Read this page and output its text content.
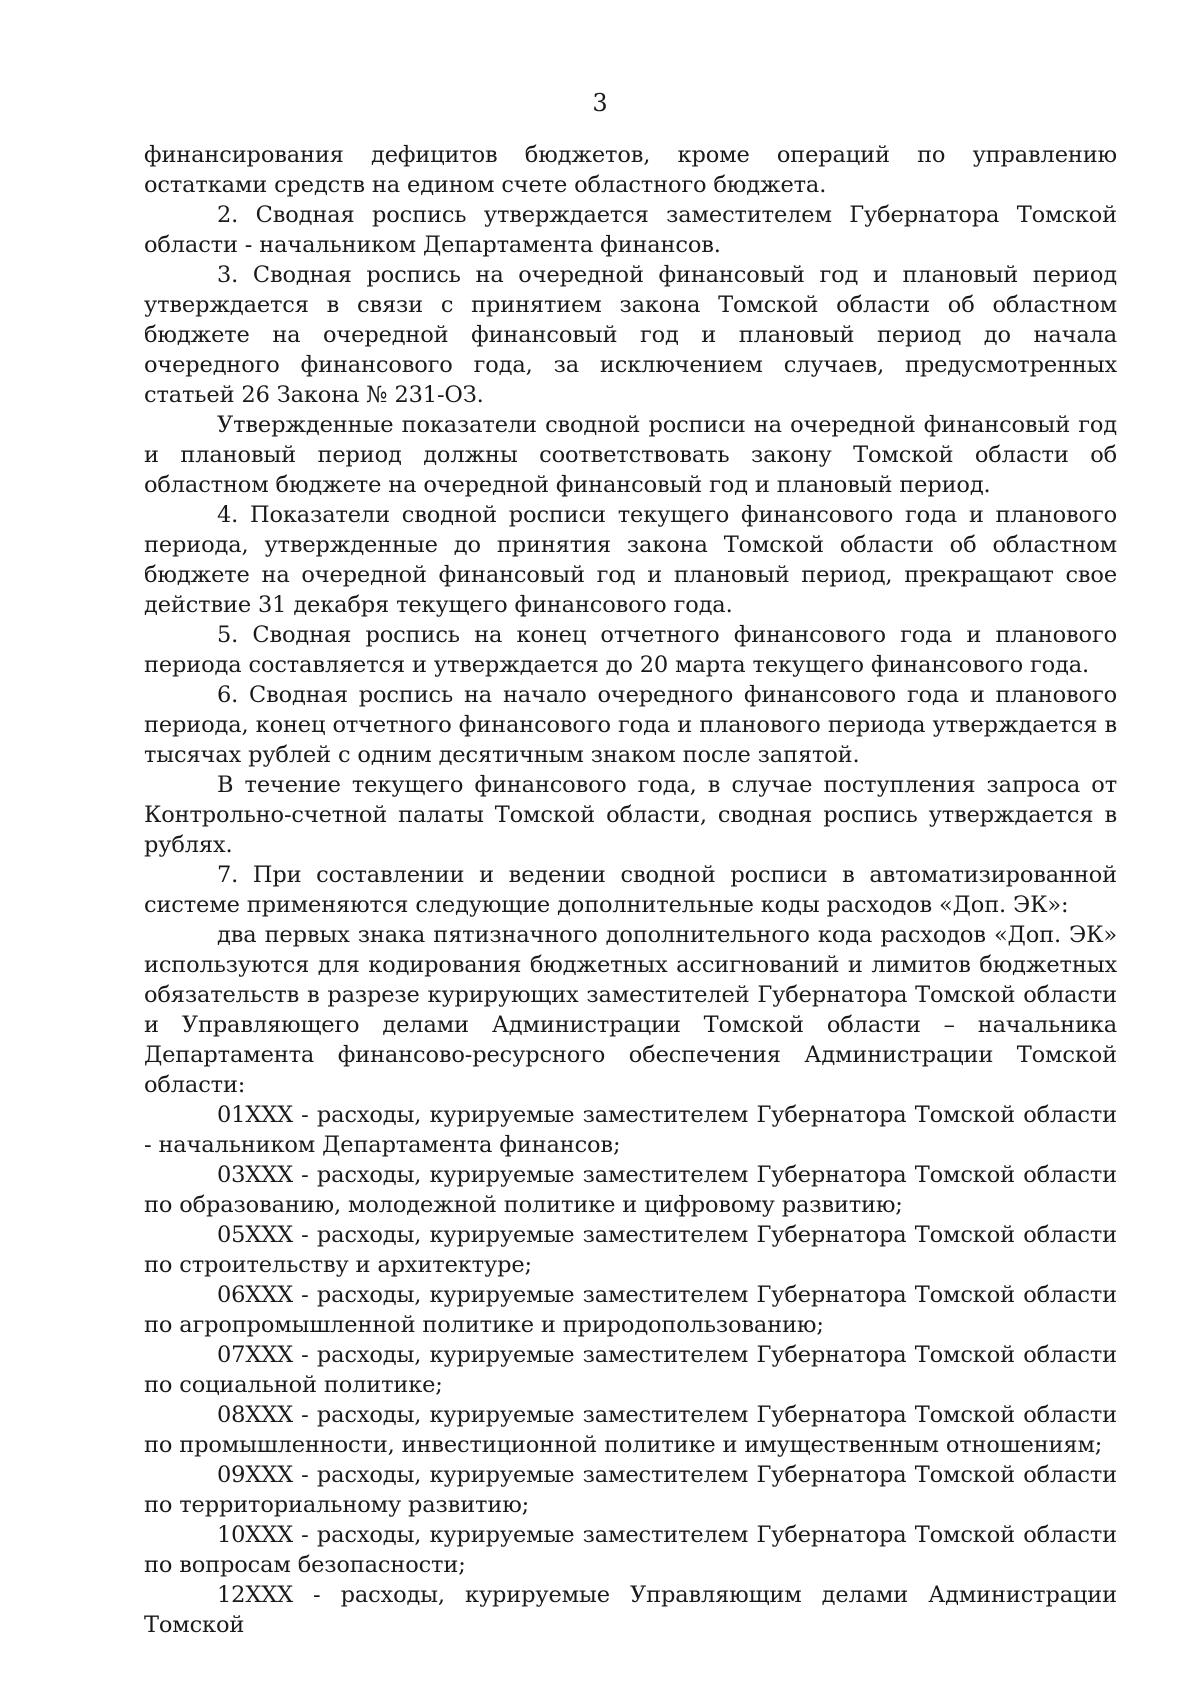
3

финансирования дефицитов бюджетов, кроме операций по управлению остатками средств на едином счете областного бюджета.

2. Сводная роспись утверждается заместителем Губернатора Томской области - начальником Департамента финансов.

3. Сводная роспись на очередной финансовый год и плановый период утверждается в связи с принятием закона Томской области об областном бюджете на очередной финансовый год и плановый период до начала очередного финансового года, за исключением случаев, предусмотренных статьей 26 Закона № 231-ОЗ.

Утвержденные показатели сводной росписи на очередной финансовый год и плановый период должны соответствовать закону Томской области об областном бюджете на очередной финансовый год и плановый период.

4. Показатели сводной росписи текущего финансового года и планового периода, утвержденные до принятия закона Томской области об областном бюджете на очередной финансовый год и плановый период, прекращают свое действие 31 декабря текущего финансового года.

5. Сводная роспись на конец отчетного финансового года и планового периода составляется и утверждается до 20 марта текущего финансового года.

6. Сводная роспись на начало очередного финансового года и планового периода, конец отчетного финансового года и планового периода утверждается в тысячах рублей с одним десятичным знаком после запятой.

В течение текущего финансового года, в случае поступления запроса от Контрольно-счетной палаты Томской области, сводная роспись утверждается в рублях.

7. При составлении и ведении сводной росписи в автоматизированной системе применяются следующие дополнительные коды расходов «Доп. ЭК»:

два первых знака пятизначного дополнительного кода расходов «Доп. ЭК» используются для кодирования бюджетных ассигнований и лимитов бюджетных обязательств в разрезе курирующих заместителей Губернатора Томской области и Управляющего делами Администрации Томской области – начальника Департамента финансово-ресурсного обеспечения Администрации Томской области:

01ХХХ - расходы, курируемые заместителем Губернатора Томской области - начальником Департамента финансов;

03ХХХ - расходы, курируемые заместителем Губернатора Томской области по образованию, молодежной политике и цифровому развитию;

05ХХХ - расходы, курируемые заместителем Губернатора Томской области по строительству и архитектуре;

06ХХХ - расходы, курируемые заместителем Губернатора Томской области по агропромышленной политике и природопользованию;

07ХХХ - расходы, курируемые заместителем Губернатора Томской области по социальной политике;

08ХХХ - расходы, курируемые заместителем Губернатора Томской области по промышленности, инвестиционной политике и имущественным отношениям;

09ХХХ - расходы, курируемые заместителем Губернатора Томской области по территориальному развитию;

10ХХХ - расходы, курируемые заместителем Губернатора Томской области по вопросам безопасности;

12ХХХ - расходы, курируемые Управляющим делами Администрации Томской
